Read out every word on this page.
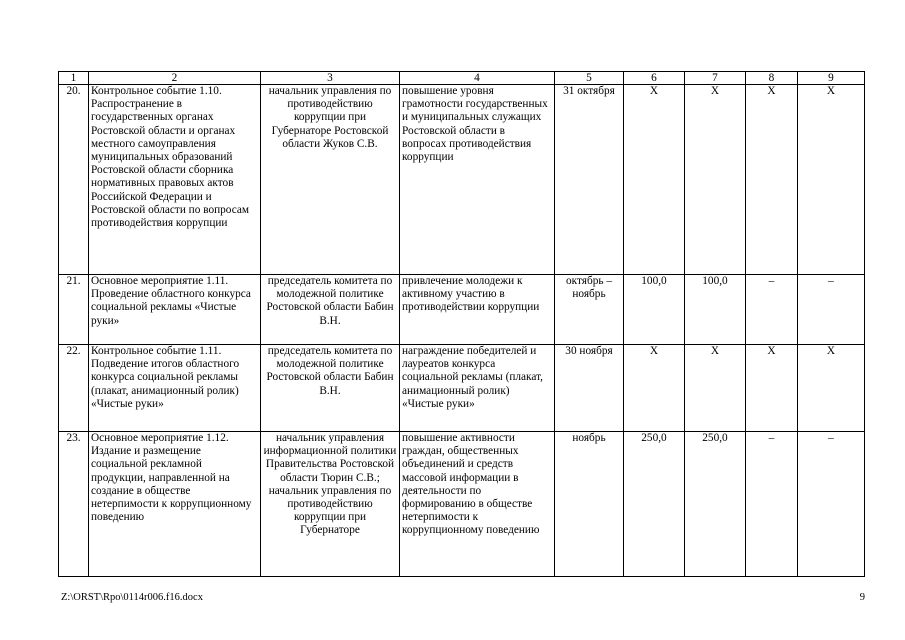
1	2	3	4	5	6	7	8	9
20.	Контрольное событие 1.10. Распространение в государственных органах Ростовской области и органах местного самоуправления муниципальных образований Ростовской области сборника нормативных правовых актов Российской Федерации и Ростовской области по вопросам противодействия коррупции	начальник управления по противодействию коррупции при Губернаторе Ростовской области Жуков С.В.	повышение уровня грамотности государственных и муниципальных служащих Ростовской области в вопросах противодействия коррупции	31 октября	Х	Х	Х	Х
21.	Основное мероприятие 1.11. Проведение областного конкурса социальной рекламы «Чистые руки»	председатель комитета по молодежной политике Ростовской области Бабин В.Н.	привлечение молодежи к активному участию в противодействии коррупции	октябрь – ноябрь	100,0	100,0	–	–
22.	Контрольное событие 1.11. Подведение итогов областного конкурса социальной рекламы (плакат, анимационный ролик) «Чистые руки»	председатель комитета по молодежной политике Ростовской области Бабин В.Н.	награждение победителей и лауреатов конкурса социальной рекламы (плакат, анимационный ролик) «Чистые руки»	30 ноября	Х	Х	Х	Х
23.	Основное мероприятие 1.12. Издание и размещение социальной рекламной продукции, направленной на создание в обществе нетерпимости к коррупционному поведению	начальник управления информационной политики Правительства Ростовской области Тюрин С.В.; начальник управления по противодействию коррупции при Губернаторе	повышение активности граждан, общественных объединений и средств массовой информации в деятельности по формированию в обществе нетерпимости к коррупционному поведению	ноябрь	250,0	250,0	–	–
Z:\ORST\Rpo\0114r006.f16.docx	9
